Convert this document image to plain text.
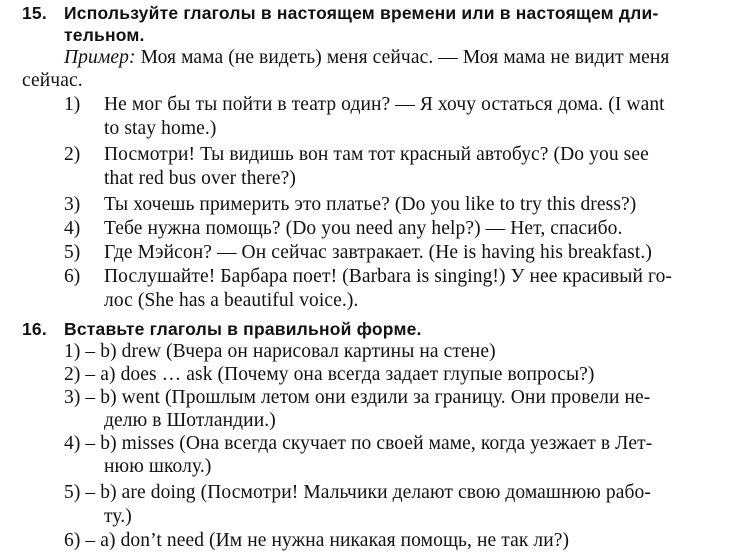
15. Используйте глаголы в настоящем времени или в настоящем дли-
тельном.
Пример: Моя мама (не видеть) меня сейчас. — Моя мама не видит меня
сейчас.
1) Не мог бы ты пойти в театр один? — Я хочу остаться дома. (I want
to stay home.)
2) Посмотри! Ты видишь вон там тот красный автобус? (Do you see
that red bus over there?)
3) Ты хочешь примерить это платье? (Do you like to try this dress?)
4) Тебе нужна помощь? (Do you need any help?) — Нет, спасибо.
5) Где Мэйсон? — Он сейчас завтракает. (He is having his breakfast.)
6) Послушайте! Барбара поет! (Barbara is singing!) У нее красивый го-
лос (She has a beautiful voice.).
16. Вставьте глаголы в правильной форме.
1) – b) drew (Вчера он нарисовал картины на стене)
2) – a) does … ask (Почему она всегда задает глупые вопросы?)
3) – b) went (Прошлым летом они ездили за границу. Они провели не-
делю в Шотландии.)
4) – b) misses (Она всегда скучает по своей маме, когда уезжает в Лет-
нюю школу.)
5) – b) are doing (Посмотри! Мальчики делают свою домашнюю рабо-
ту.)
6) – a) don’t need (Им не нужна никакая помощь, не так ли?)
